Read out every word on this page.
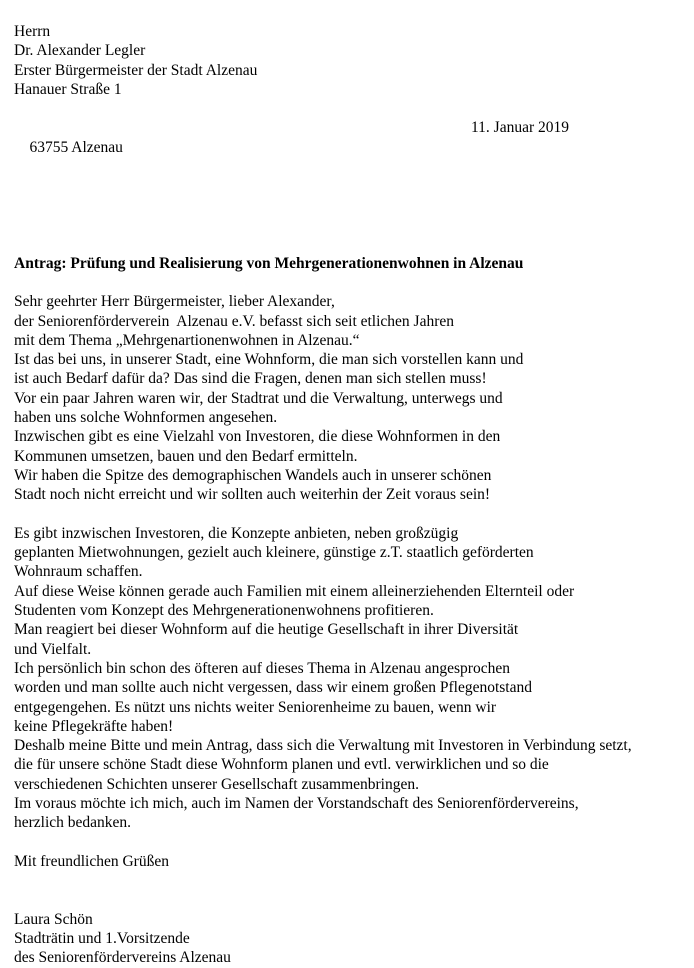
Herrn
Dr. Alexander Legler
Erster Bürgermeister der Stadt Alzenau
Hanauer Straße 1

63755 Alzenau

11. Januar 2019

Antrag: Prüfung und Realisierung von Mehrgenerationenwohnen in Alzenau
Sehr geehrter Herr Bürgermeister, lieber Alexander,
der Seniorenförderverein  Alzenau e.V. befasst sich seit etlichen Jahren
mit dem Thema „Mehrgenartionenwohnen in Alzenau.“
Ist das bei uns, in unserer Stadt, eine Wohnform, die man sich vorstellen kann und
ist auch Bedarf dafür da? Das sind die Fragen, denen man sich stellen muss!
Vor ein paar Jahren waren wir, der Stadtrat und die Verwaltung, unterwegs und
haben uns solche Wohnformen angesehen.
Inzwischen gibt es eine Vielzahl von Investoren, die diese Wohnformen in den
Kommunen umsetzen, bauen und den Bedarf ermitteln.
Wir haben die Spitze des demographischen Wandels auch in unserer schönen
Stadt noch nicht erreicht und wir sollten auch weiterhin der Zeit voraus sein!
Es gibt inzwischen Investoren, die Konzepte anbieten, neben großzügig
geplanten Mietwohnungen, gezielt auch kleinere, günstige z.T. staatlich geförderten
Wohnraum schaffen.
Auf diese Weise können gerade auch Familien mit einem alleinerziehenden Elternteil oder
Studenten vom Konzept des Mehrgenerationenwohnens profitieren.
Man reagiert bei dieser Wohnform auf die heutige Gesellschaft in ihrer Diversität
und Vielfalt.
Ich persönlich bin schon des öfteren auf dieses Thema in Alzenau angesprochen
worden und man sollte auch nicht vergessen, dass wir einem großen Pflegenotstand
entgegengehen. Es nützt uns nichts weiter Seniorenheime zu bauen, wenn wir
keine Pflegekräfte haben!
Deshalb meine Bitte und mein Antrag, dass sich die Verwaltung mit Investoren in Verbindung setzt,
die für unsere schöne Stadt diese Wohnform planen und evtl. verwirklichen und so die
verschiedenen Schichten unserer Gesellschaft zusammenbringen.
Im voraus möchte ich mich, auch im Namen der Vorstandschaft des Seniorenfördervereins,
herzlich bedanken.
Mit freundlichen Grüßen
Laura Schön
Stadträtin und 1.Vorsitzende
des Seniorenfördervereins Alzenau
